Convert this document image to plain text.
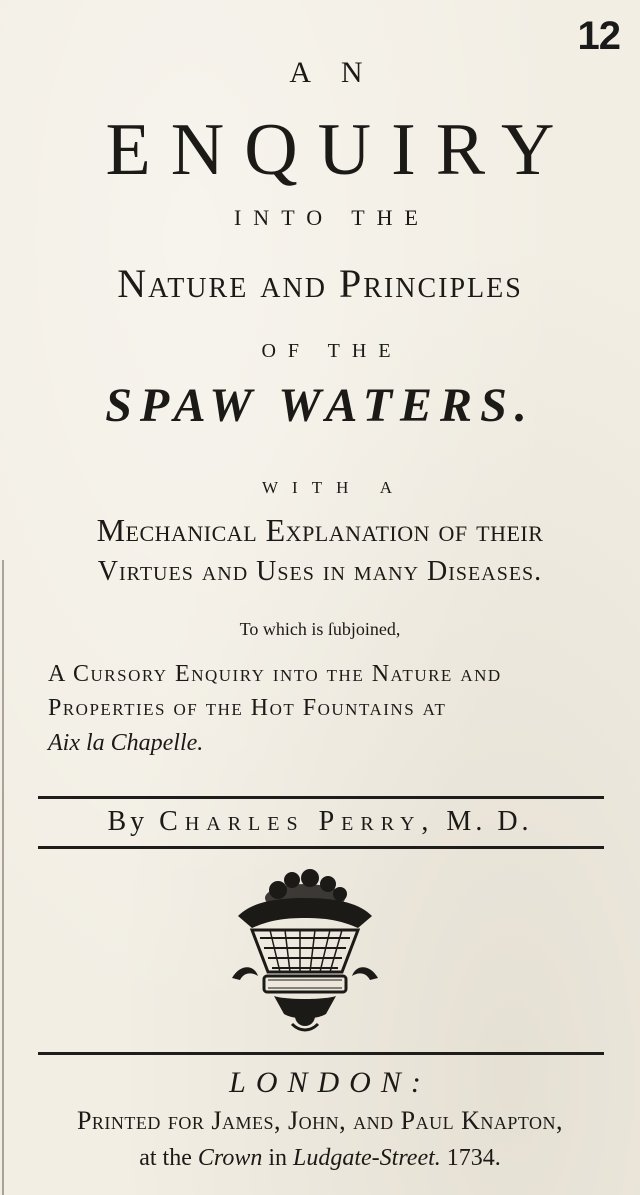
12
A N
ENQUIRY
INTO THE
Nature and Principles
OF THE
SPAW WATERS.
WITH A
Mechanical Explanation of their
Virtues and Uses in many Diseases.
To which is ſubjoined,
A Curſory Enquiry into the Nature and
Properties of the Hot Fountains at
Aix la Chapelle.
By Charles Perry, M. D.
LONDON:
Printed for James, John, and Paul Knapton,
at the Crown in Ludgate-Street. 1734.
